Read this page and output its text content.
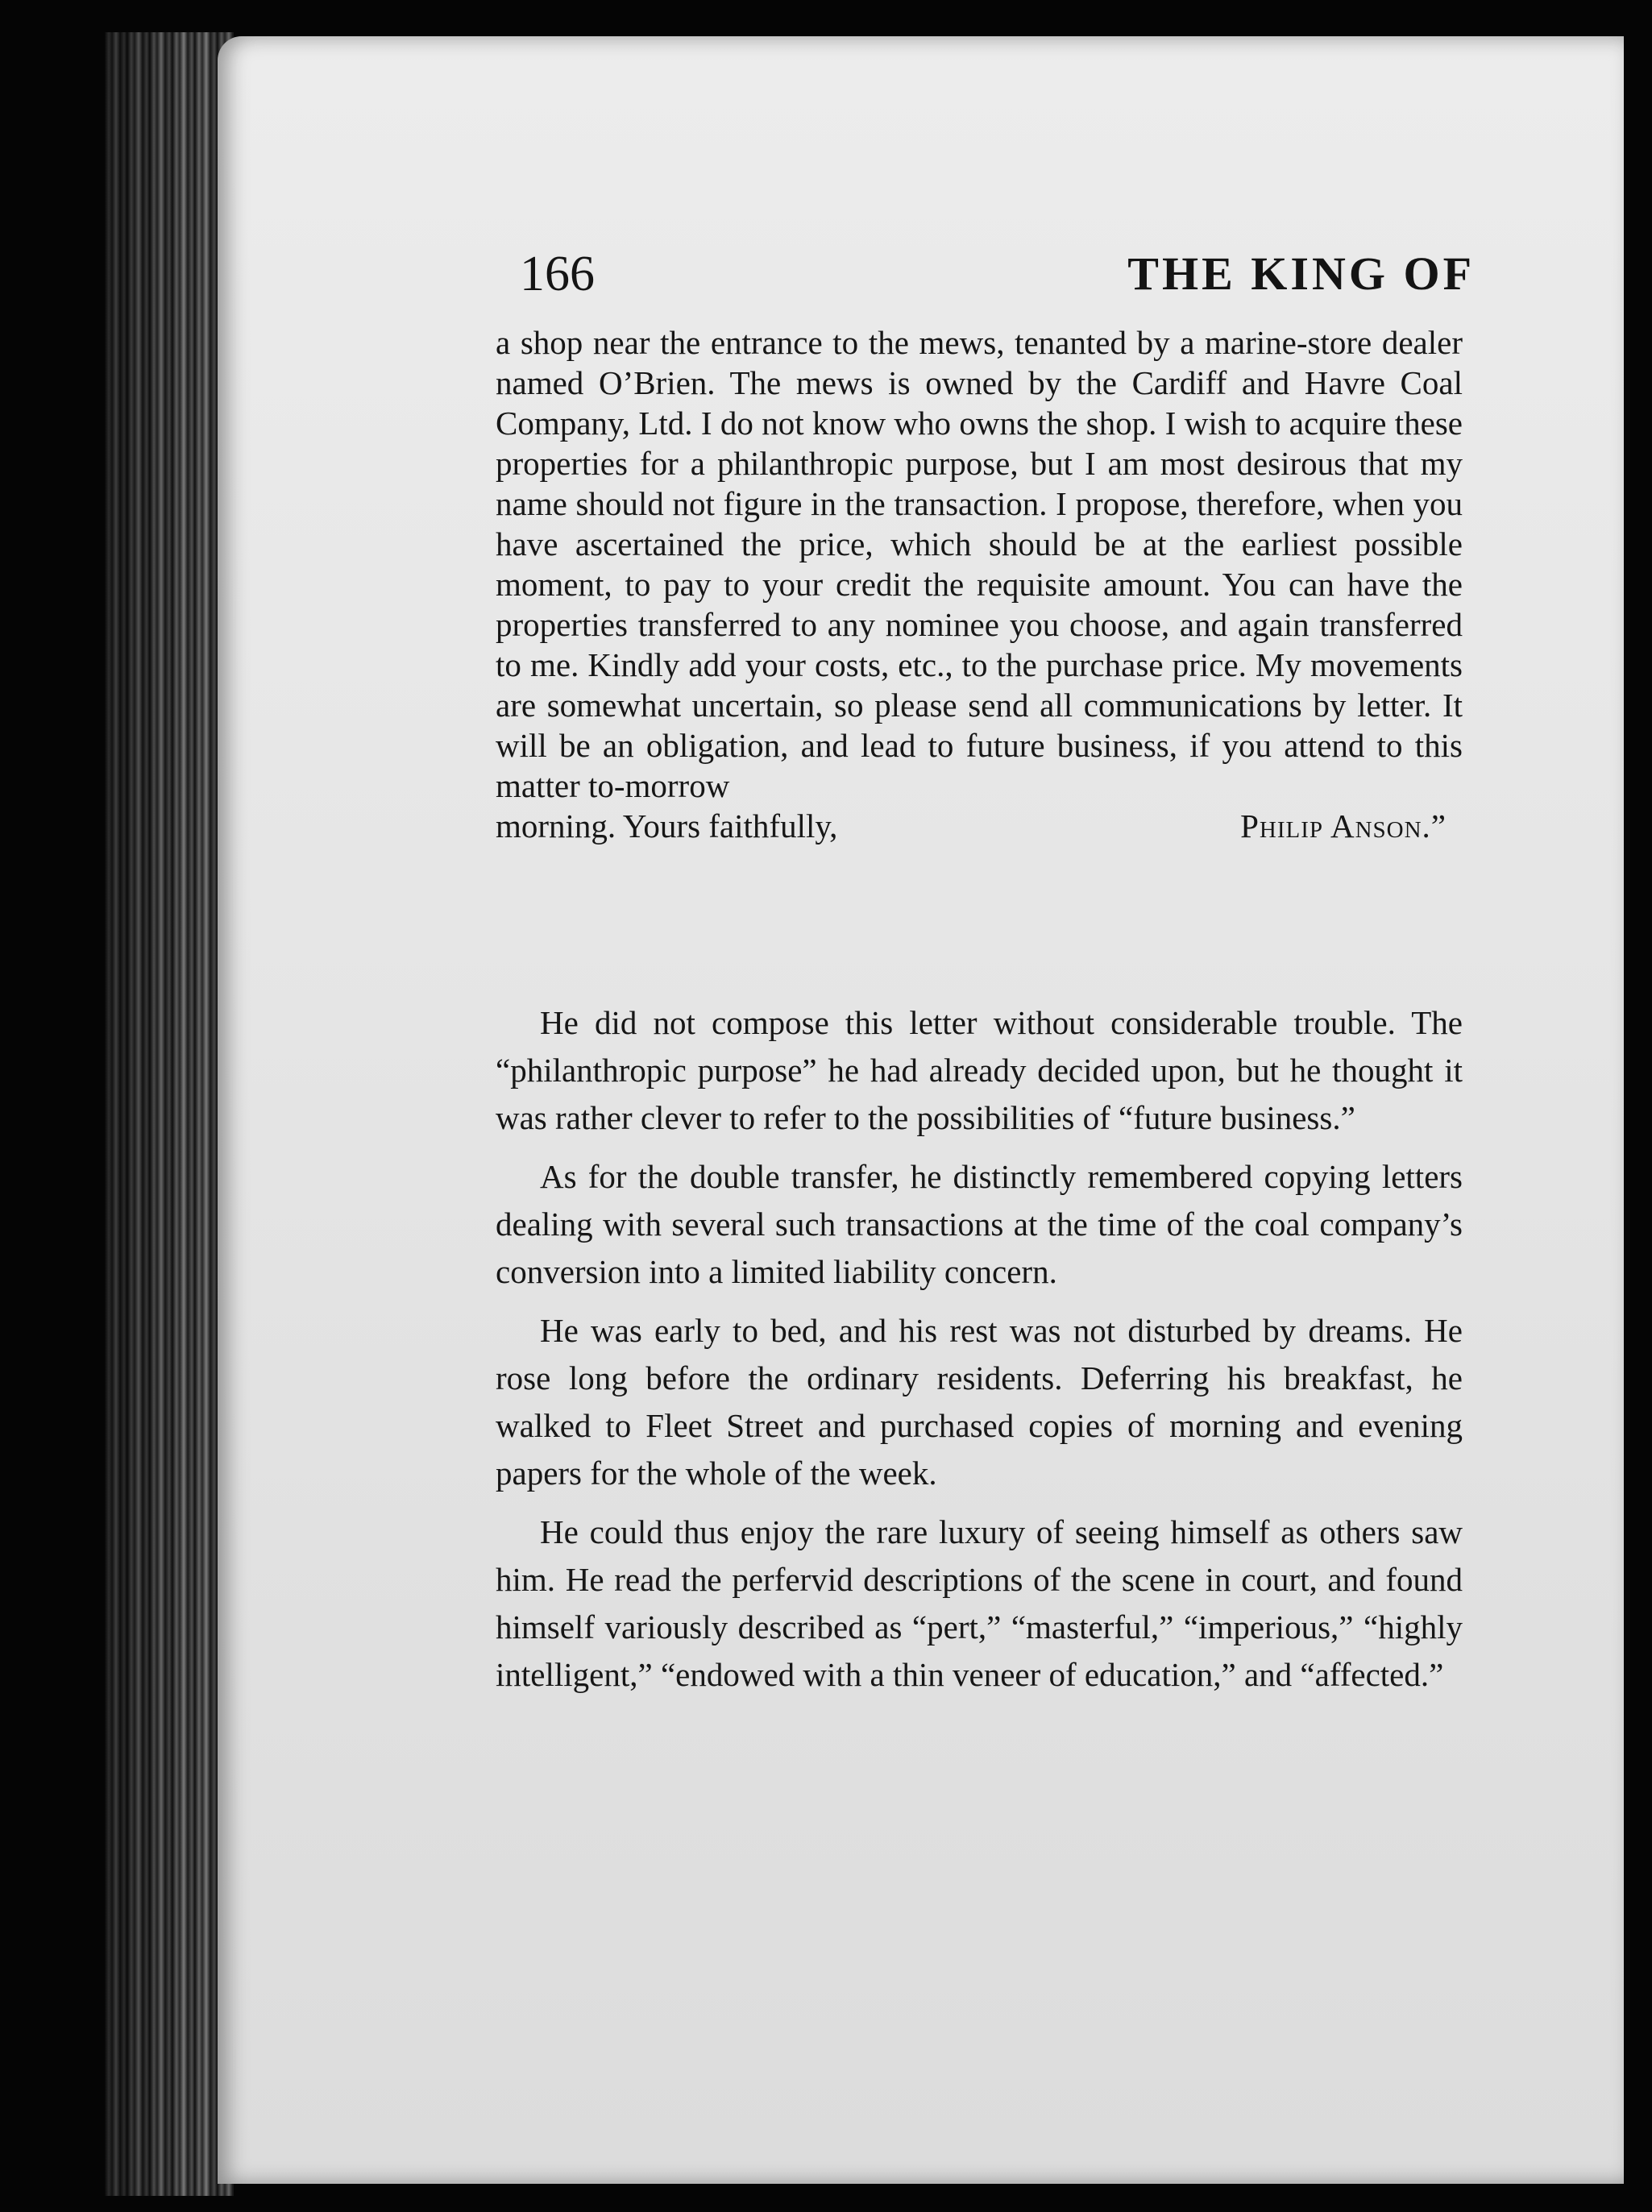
166	THE KING OF

a shop near the entrance to the mews, tenanted by a marine-store dealer named O’Brien. The mews is owned by the Cardiff and Havre Coal Company, Ltd. I do not know who owns the shop. I wish to acquire these properties for a philanthropic purpose, but I am most desirous that my name should not figure in the transaction. I propose, therefore, when you have ascertained the price, which should be at the earliest possible moment, to pay to your credit the requisite amount. You can have the properties transferred to any nominee you choose, and again transferred to me. Kindly add your costs, etc., to the purchase price. My movements are somewhat uncertain, so please send all communications by letter. It will be an obligation, and lead to future business, if you attend to this matter to-morrow

morning. Yours faithfully,	Philip Anson.”

He did not compose this letter without considerable trouble. The “philanthropic purpose” he had already decided upon, but he thought it was rather clever to refer to the possibilities of “future business.”

As for the double transfer, he distinctly remembered copying letters dealing with several such transactions at the time of the coal company’s conversion into a limited liability concern.

He was early to bed, and his rest was not disturbed by dreams. He rose long before the ordinary residents. Deferring his breakfast, he walked to Fleet Street and purchased copies of morning and evening papers for the whole of the week.

He could thus enjoy the rare luxury of seeing himself as others saw him. He read the perfervid descriptions of the scene in court, and found himself variously described as “pert,” “masterful,” “imperious,” “highly intelligent,” “endowed with a thin veneer of education,” and “affected.”
